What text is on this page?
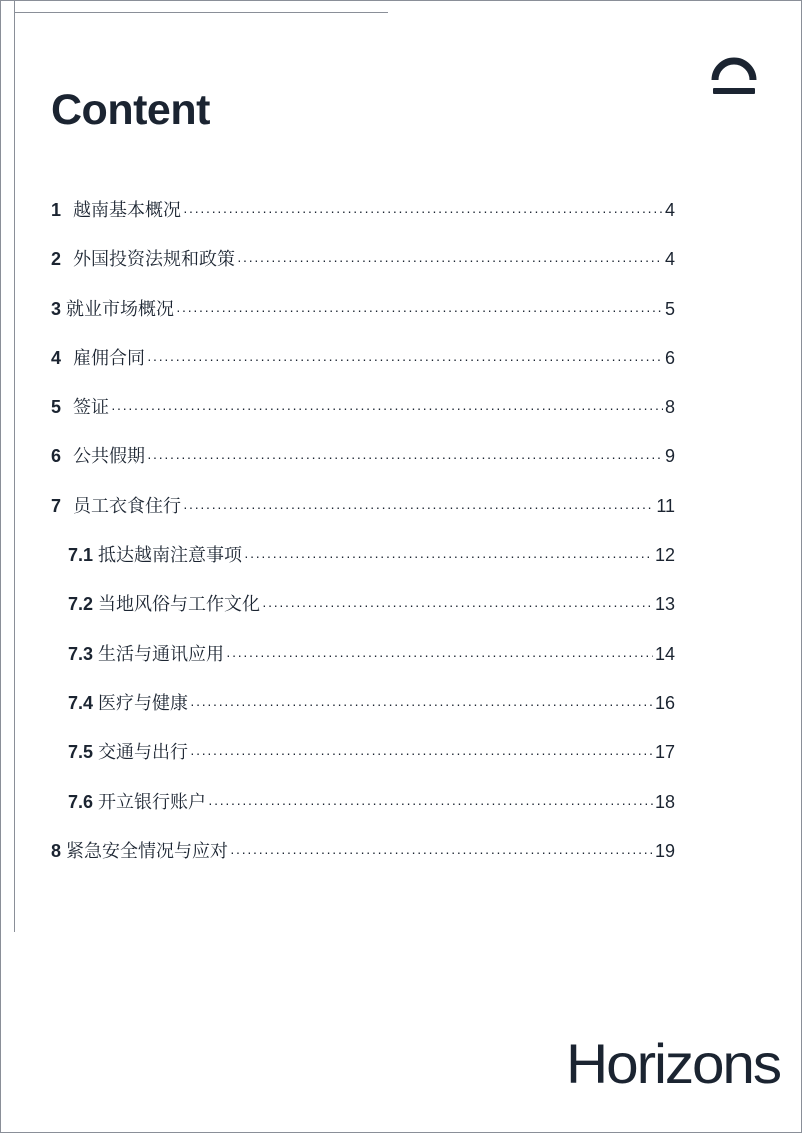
Content
1 越南基本概况 ·····	4
2 外国投资法规和政策 ·····	4
3 就业市场概况 ·····	5
4 雇佣合同 ·····	6
5 签证 ·····	8
6 公共假期 ·····	9
7 员工衣食住行 ·····	11
7.1 抵达越南注意事项 ·····	12
7.2 当地风俗与工作文化 ·····	13
7.3 生活与通讯应用 ·····	14
7.4 医疗与健康 ·····	16
7.5 交通与出行 ·····	17
7.6 开立银行账户 ·····	18
8 紧急安全情况与应对 ·····	19
Horizons
